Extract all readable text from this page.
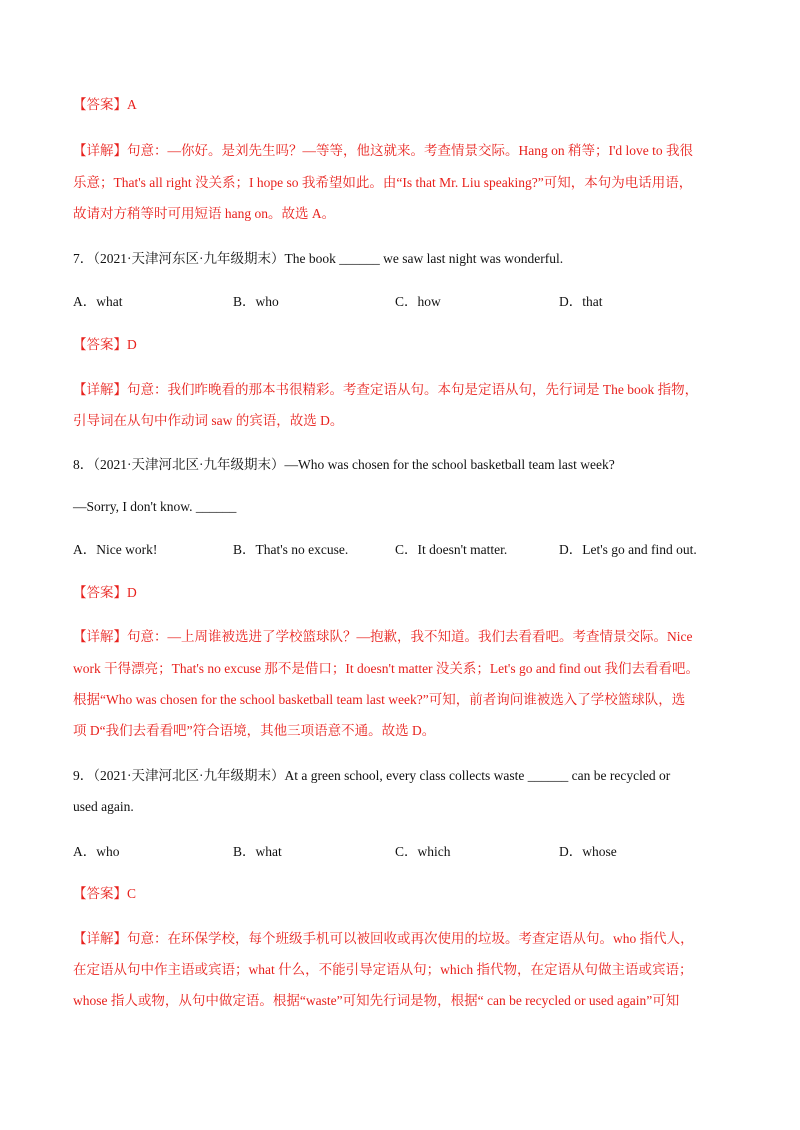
【答案】A
【详解】句意：—你好。是刘先生吗？—等等，他这就来。考查情景交际。Hang on 稍等；I'd love to 我很
乐意；That's all right 没关系；I hope so 我希望如此。由“Is that Mr. Liu speaking?”可知，本句为电话用语，
故请对方稍等时可用短语 hang on。故选 A。
7．（2021·天津河东区·九年级期末）The book ______ we saw last night was wonderful.
A．what	B．who	C．how	D．that
【答案】D
【详解】句意：我们昨晚看的那本书很精彩。考查定语从句。本句是定语从句，先行词是 The book 指物，
引导词在从句中作动词 saw 的宾语，故选 D。
8．（2021·天津河北区·九年级期末）—Who was chosen for the school basketball team last week?
—Sorry, I don't know. ______
A．Nice work!	B．That's no excuse.	C．It doesn't matter.	D．Let's go and find out.
【答案】D
【详解】句意：—上周谁被选进了学校篮球队？—抱歉，我不知道。我们去看看吧。考查情景交际。Nice
work 干得漂亮；That's no excuse 那不是借口；It doesn't matter 没关系；Let's go and find out 我们去看看吧。
根据“Who was chosen for the school basketball team last week?”可知，前者询问谁被选入了学校篮球队，选
项 D“我们去看看吧”符合语境，其他三项语意不通。故选 D。
9．（2021·天津河北区·九年级期末）At a green school, every class collects waste ______ can be recycled or
used again.
A．who	B．what	C．which	D．whose
【答案】C
【详解】句意：在环保学校，每个班级手机可以被回收或再次使用的垃圾。考查定语从句。who 指代人，
在定语从句中作主语或宾语；what 什么，不能引导定语从句；which 指代物，在定语从句做主语或宾语；
whose 指人或物，从句中做定语。根据“waste”可知先行词是物，根据“ can be recycled or used again”可知
